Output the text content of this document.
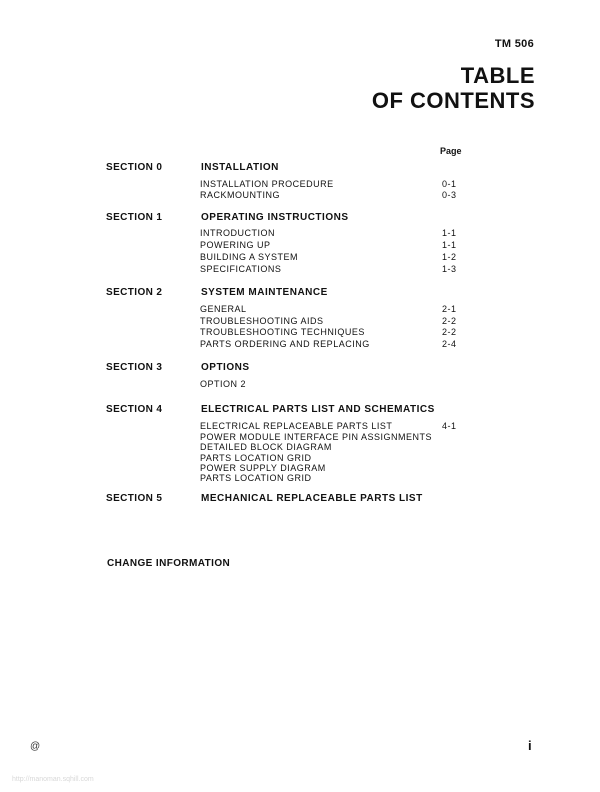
TM 506
TABLE
OF CONTENTS
Page
SECTION 0	INSTALLATION
INSTALLATION PROCEDURE	0-1
RACKMOUNTING	0-3
SECTION 1	OPERATING INSTRUCTIONS
INTRODUCTION	1-1
POWERING UP	1-1
BUILDING A SYSTEM	1-2
SPECIFICATIONS	1-3
SECTION 2	SYSTEM MAINTENANCE
GENERAL	2-1
TROUBLESHOOTING AIDS	2-2
TROUBLESHOOTING TECHNIQUES	2-2
PARTS ORDERING AND REPLACING	2-4
SECTION 3	OPTIONS
OPTION 2
SECTION 4	ELECTRICAL PARTS LIST AND SCHEMATICS
ELECTRICAL REPLACEABLE PARTS LIST	4-1
POWER MODULE INTERFACE PIN ASSIGNMENTS
DETAILED BLOCK DIAGRAM
PARTS LOCATION GRID
POWER SUPPLY DIAGRAM
PARTS LOCATION GRID
SECTION 5	MECHANICAL REPLACEABLE PARTS LIST
CHANGE INFORMATION
@	i
http://manoman.sqhill.com
